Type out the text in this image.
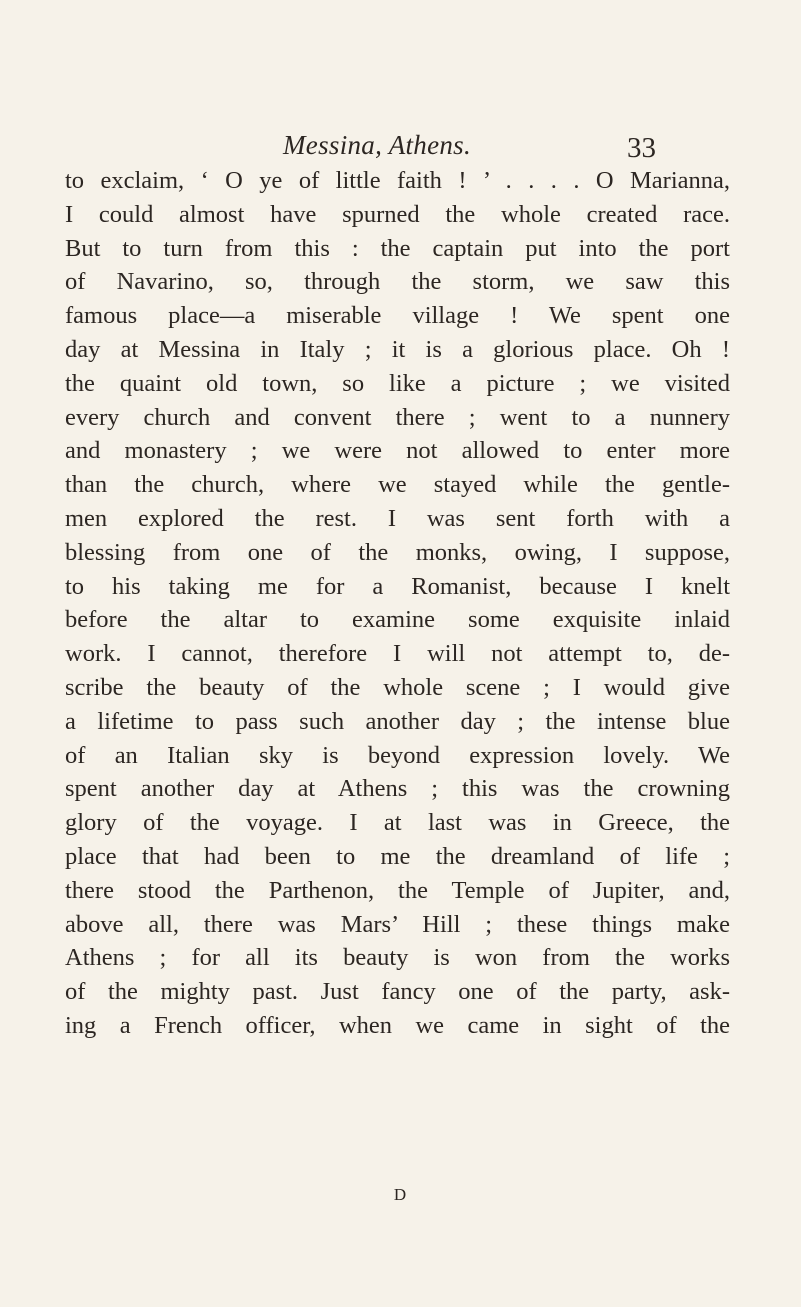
Messina, Athens.	33
to exclaim, ‘ O ye of little faith ! ’ . . . . O Marianna,
I could almost have spurned the whole created race.
But to turn from this : the captain put into the port
of Navarino, so, through the storm, we saw this
famous place—a miserable village ! We spent one
day at Messina in Italy ; it is a glorious place. Oh !
the quaint old town, so like a picture ; we visited
every church and convent there ; went to a nunnery
and monastery ; we were not allowed to enter more
than the church, where we stayed while the gentle-
men explored the rest. I was sent forth with a
blessing from one of the monks, owing, I suppose,
to his taking me for a Romanist, because I knelt
before the altar to examine some exquisite inlaid
work. I cannot, therefore I will not attempt to, de-
scribe the beauty of the whole scene ; I would give
a lifetime to pass such another day ; the intense blue
of an Italian sky is beyond expression lovely. We
spent another day at Athens ; this was the crowning
glory of the voyage. I at last was in Greece, the
place that had been to me the dreamland of life ;
there stood the Parthenon, the Temple of Jupiter, and,
above all, there was Mars’ Hill ; these things make
Athens ; for all its beauty is won from the works
of the mighty past. Just fancy one of the party, ask-
ing a French officer, when we came in sight of the
D
